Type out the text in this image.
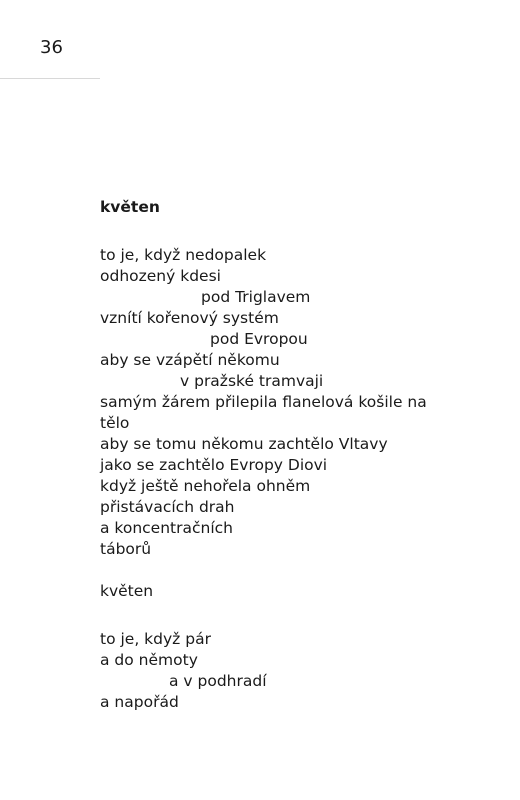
36
květen
to je, když nedopalek
odhozený kdesi
pod Triglavem
vznítí kořenový systém
pod Evropou
aby se vzápětí někomu
v pražské tramvaji
samým žárem přilepila flanelová košile na
tělo
aby se tomu někomu zachtělo Vltavy
jako se zachtělo Evropy Diovi
když ještě nehořela ohněm
přistávacích drah
a koncentračních
táborů
květen
to je, když pár
a do němoty
a v podhradí
a napořád
